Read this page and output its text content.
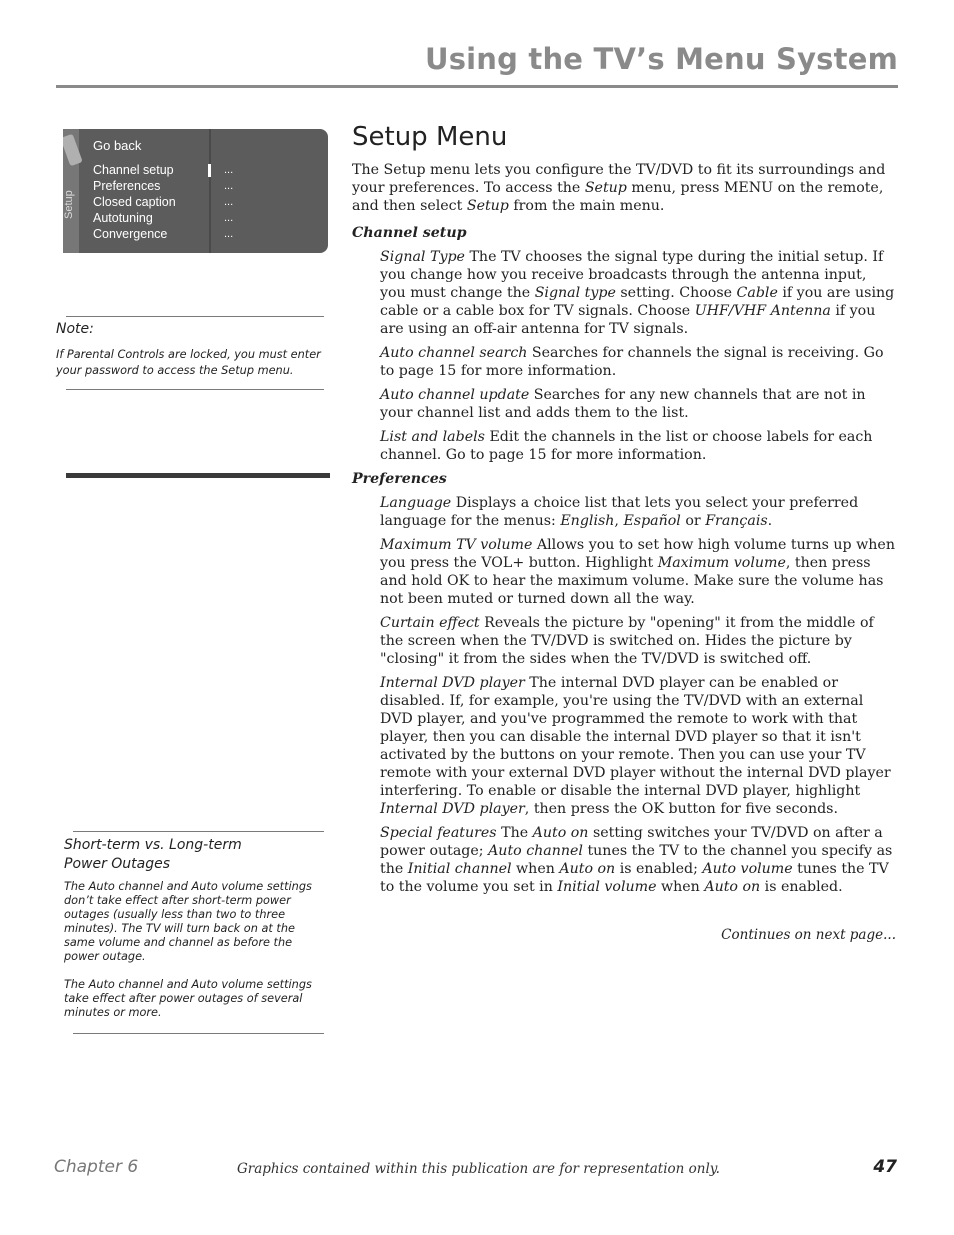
Using the TV’s Menu System
Setup
Go back
Channel setup	...
Preferences	...
Closed caption	...
Autotuning	...
Convergence	...

Note:

If Parental Controls are locked, you must enter your password to access the Setup menu.

Short-term vs. Long-term
Power Outages

The Auto channel and Auto volume settings don’t take effect after short-term power outages (usually less than two to three minutes). The TV will turn back on at the same volume and channel as before the power outage.

The Auto channel and Auto volume settings take effect after power outages of several minutes or more.

Setup Menu

The Setup menu lets you configure the TV/DVD to fit its surroundings and your preferences. To access the Setup menu, press MENU on the remote, and then select Setup from the main menu.

Channel setup

Signal Type The TV chooses the signal type during the initial setup. If you change how you receive broadcasts through the antenna input, you must change the Signal type setting. Choose Cable if you are using cable or a cable box for TV signals. Choose UHF/VHF Antenna if you are using an off-air antenna for TV signals.

Auto channel search Searches for channels the signal is receiving. Go to page 15 for more information.

Auto channel update Searches for any new channels that are not in your channel list and adds them to the list.

List and labels Edit the channels in the list or choose labels for each channel. Go to page 15 for more information.

Preferences

Language Displays a choice list that lets you select your preferred language for the menus: English, Español or Français.

Maximum TV volume Allows you to set how high volume turns up when you press the VOL+ button. Highlight Maximum volume, then press and hold OK to hear the maximum volume. Make sure the volume has not been muted or turned down all the way.

Curtain effect Reveals the picture by "opening" it from the middle of the screen when the TV/DVD is switched on. Hides the picture by "closing" it from the sides when the TV/DVD is switched off.

Internal DVD player The internal DVD player can be enabled or disabled. If, for example, you're using the TV/DVD with an external DVD player, and you've programmed the remote to work with that player, then you can disable the internal DVD player so that it isn't activated by the buttons on your remote. Then you can use your TV remote with your external DVD player without the internal DVD player interfering. To enable or disable the internal DVD player, highlight Internal DVD player, then press the OK button for five seconds.

Special features The Auto on setting switches your TV/DVD on after a power outage; Auto channel tunes the TV to the channel you specify as the Initial channel when Auto on is enabled; Auto volume tunes the TV to the volume you set in Initial volume when Auto on is enabled.

Continues on next page...

Chapter 6	Graphics contained within this publication are for representation only.	47
